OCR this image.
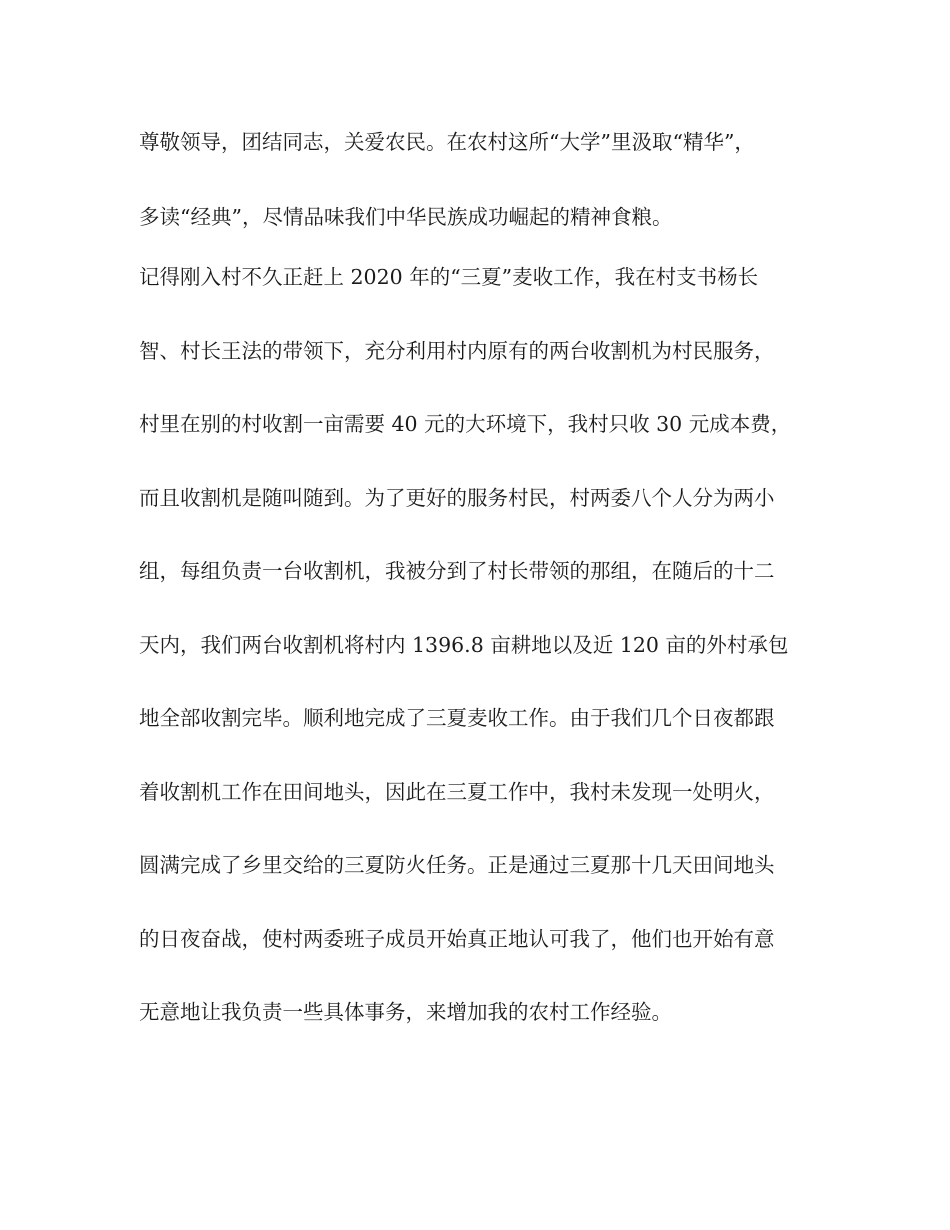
尊敬领导，团结同志，关爱农民。在农村这所“大学”里汲取“精华”，

多读“经典”，尽情品味我们中华民族成功崛起的精神食粮。

记得刚入村不久正赶上 2020 年的“三夏”麦收工作，我在村支书杨长

智、村长王法的带领下，充分利用村内原有的两台收割机为村民服务，

村里在别的村收割一亩需要 40 元的大环境下，我村只收 30 元成本费，

而且收割机是随叫随到。为了更好的服务村民，村两委八个人分为两小

组，每组负责一台收割机，我被分到了村长带领的那组，在随后的十二

天内，我们两台收割机将村内 1396.8 亩耕地以及近 120 亩的外村承包

地全部收割完毕。顺利地完成了三夏麦收工作。由于我们几个日夜都跟

着收割机工作在田间地头，因此在三夏工作中，我村未发现一处明火，

圆满完成了乡里交给的三夏防火任务。正是通过三夏那十几天田间地头

的日夜奋战，使村两委班子成员开始真正地认可我了，他们也开始有意

无意地让我负责一些具体事务，来增加我的农村工作经验。
